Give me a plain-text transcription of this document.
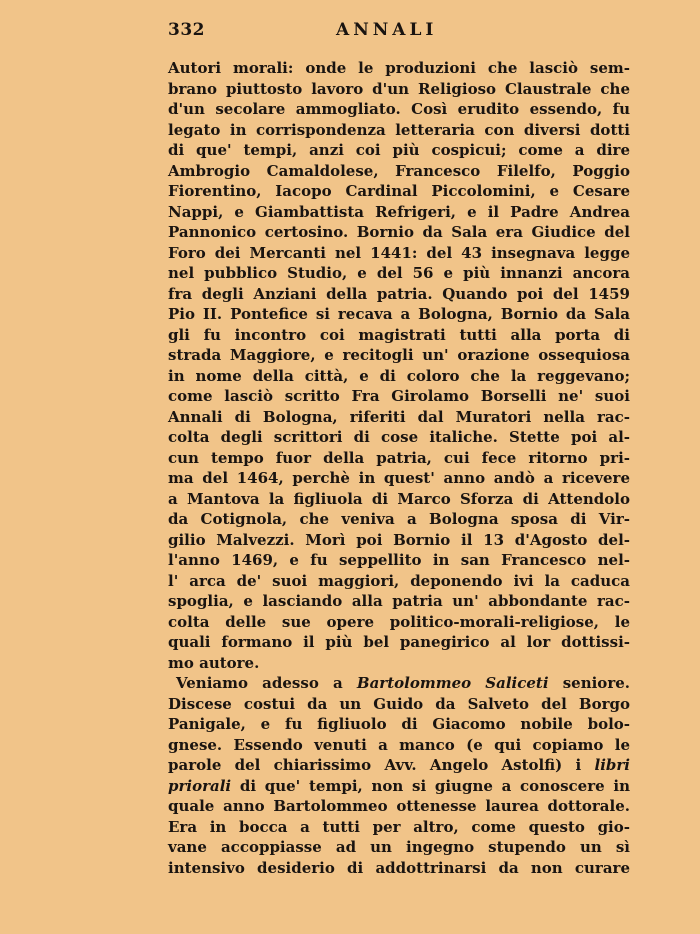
332	ANNALI
Autori morali: onde le produzioni che lasciò sem-
brano piuttosto lavoro d'un Religioso Claustrale che
d'un secolare ammogliato. Così erudito essendo, fu
legato in corrispondenza letteraria con diversi dotti
di que' tempi, anzi coi più cospicui; come a dire
Ambrogio Camaldolese, Francesco Filelfo, Poggio
Fiorentino, Iacopo Cardinal Piccolomini, e Cesare
Nappi, e Giambattista Refrigeri, e il Padre Andrea
Pannonico certosino. Bornio da Sala era Giudice del
Foro dei Mercanti nel 1441: del 43 insegnava legge
nel pubblico Studio, e del 56 e più innanzi ancora
fra degli Anziani della patria. Quando poi del 1459
Pio II. Pontefice si recava a Bologna, Bornio da Sala
gli fu incontro coi magistrati tutti alla porta di
strada Maggiore, e recitogli un' orazione ossequiosa
in nome della città, e di coloro che la reggevano;
come lasciò scritto Fra Girolamo Borselli ne' suoi
Annali di Bologna, riferiti dal Muratori nella rac-
colta degli scrittori di cose italiche. Stette poi al-
cun tempo fuor della patria, cui fece ritorno pri-
ma del 1464, perchè in quest' anno andò a ricevere
a Mantova la figliuola di Marco Sforza di Attendolo
da Cotignola, che veniva a Bologna sposa di Vir-
gilio Malvezzi. Morì poi Bornio il 13 d'Agosto del-
l'anno 1469, e fu seppellito in san Francesco nel-
l' arca de' suoi maggiori, deponendo ivi la caduca
spoglia, e lasciando alla patria un' abbondante rac-
colta delle sue opere politico-morali-religiose, le
quali formano il più bel panegirico al lor dottissi-
mo autore.
Veniamo adesso a Bartolommeo Saliceti seniore.
Discese costui da un Guido da Salveto del Borgo
Panigale, e fu figliuolo di Giacomo nobile bolo-
gnese. Essendo venuti a manco (e qui copiamo le
parole del chiarissimo Avv. Angelo Astolfi) i libri
priorali di que' tempi, non si giugne a conoscere in
quale anno Bartolommeo ottenesse laurea dottorale.
Era in bocca a tutti per altro, come questo gio-
vane accoppiasse ad un ingegno stupendo un sì
intensivo desiderio di addottrinarsi da non curare
